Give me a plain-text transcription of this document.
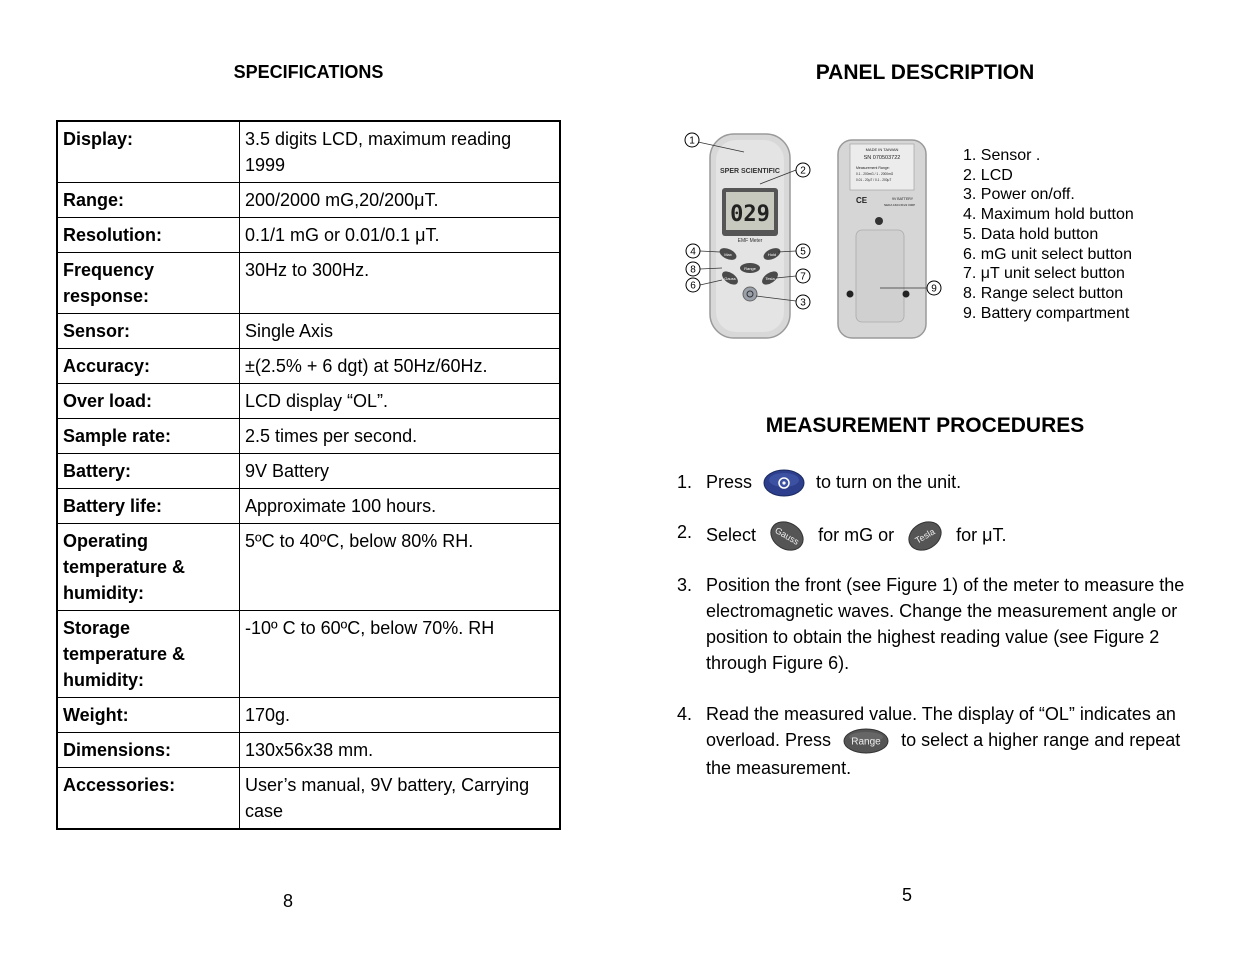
SPECIFICATIONS
Display:	3.5 digits LCD, maximum reading 1999
Range:	200/2000 mG,20/200μT.
Resolution:	0.1/1 mG or 0.01/0.1 μT.
Frequency response:	30Hz to 300Hz.
Sensor:	Single Axis
Accuracy:	±(2.5% + 6 dgt) at 50Hz/60Hz.
Over load:	LCD display “OL”.
Sample rate:	2.5 times per second.
Battery:	9V Battery
Battery life:	Approximate 100 hours.
Operating temperature & humidity:	5ºC to 40ºC, below 80% RH.
Storage temperature & humidity:	-10º C to 60ºC, below 70%. RH
Weight:	170g.
Dimensions:	130x56x38 mm.
Accessories:	User’s manual, 9V battery, Carrying case
8
PANEL DESCRIPTION
SPER SCIENTIFIC
029
EMF Meter
Max	Hold
Range
Gauss	Tesla
MADE IN TAIWAN
SN 070503722
Measurement Range:
0.1 - 200mG / 1 - 2000mG
0.01 - 20μT / 0.1 - 200μT
CE	9V BATTERY
NEDA 1604 6F22 006P
1
2
3
4	5
6
7
8
9
1. Sensor .
2. LCD
3. Power on/off.
4. Maximum hold button
5. Data hold button
6. mG unit select button
7. μT unit select button
8. Range select button
9. Battery compartment
MEASUREMENT PROCEDURES
1. Press	to turn on the unit.
2. Select Gauss for mG or Tesla for μT.
3. Position the front (see Figure 1) of the meter to measure the electromagnetic waves. Change the measurement angle or position to obtain the highest reading value (see Figure 2 through Figure 6).
4. Read the measured value. The display of “OL” indicates an overload. Press Range to select a higher range and repeat the measurement.
5
